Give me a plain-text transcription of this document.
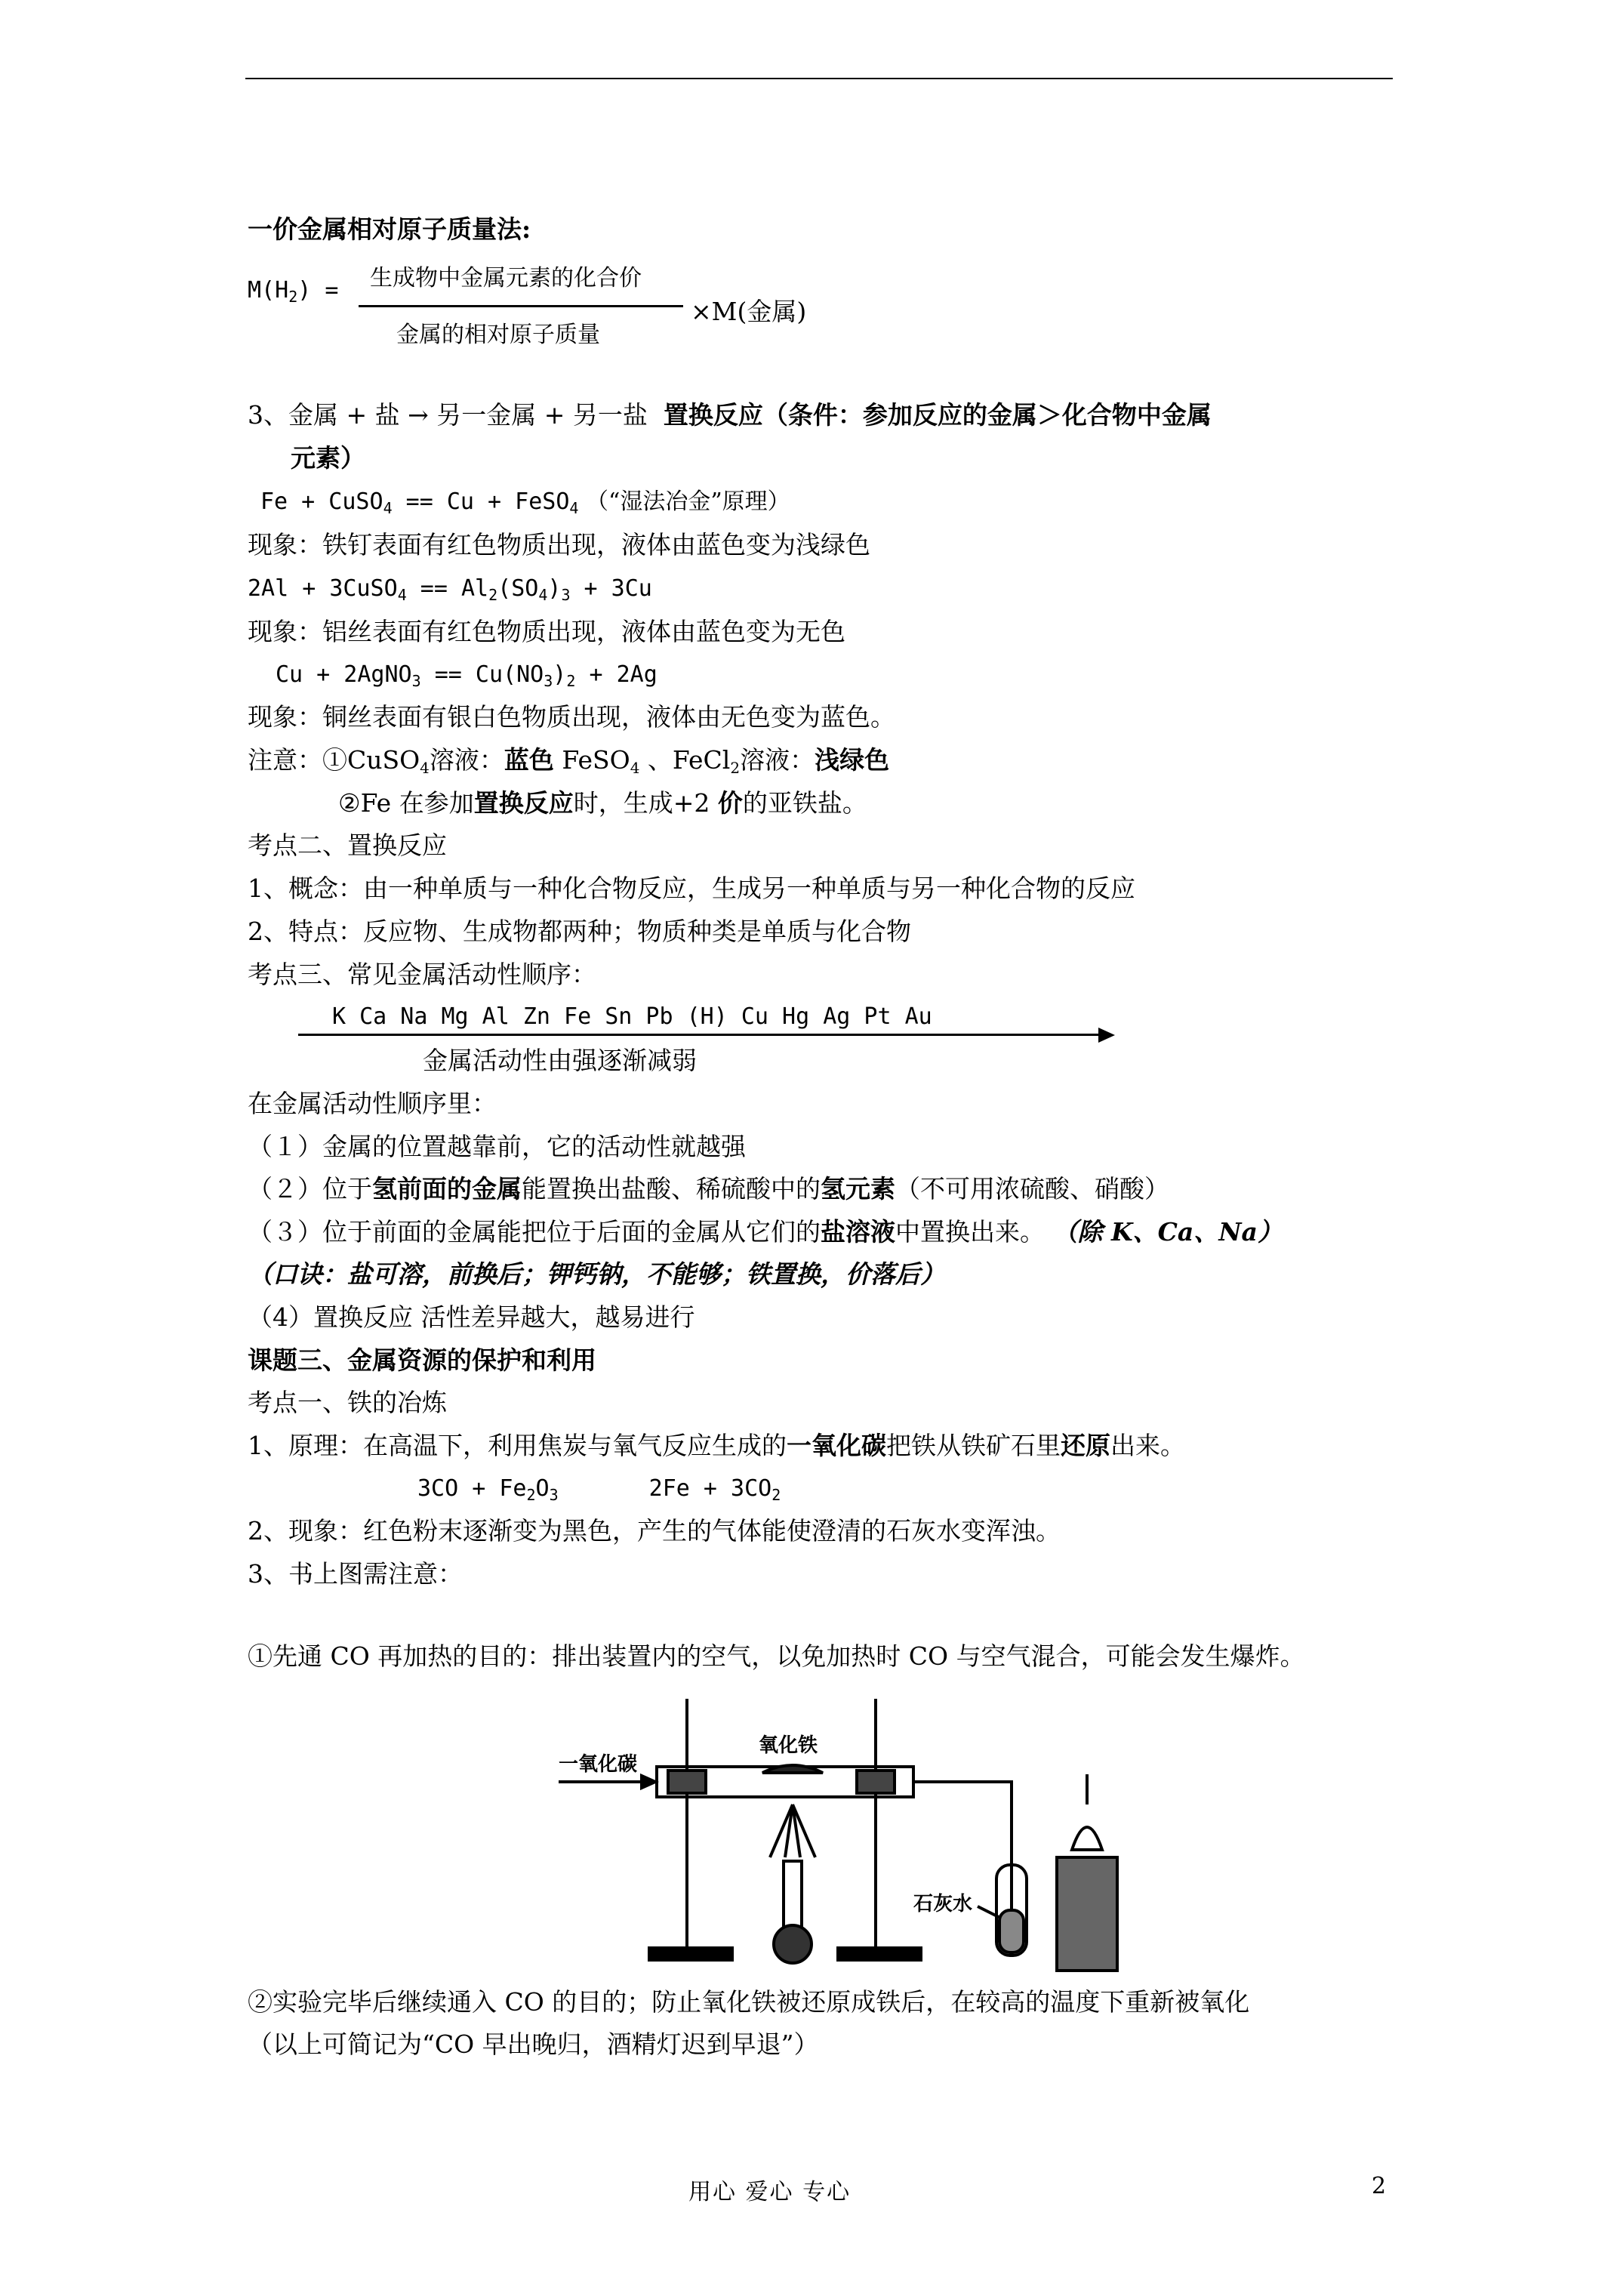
一价金属相对原子质量法:
$M(H_2)$ = 生成物中金属元素的化合价
金属的相对原子质量
×M(金属)
3、金属 + 盐 → 另一金属 + 另一盐 置换反应（条件：参加反应的金属＞化合物中金属
元素）
Fe + CuSO$_4$ == Cu + FeSO$_4$ （“湿法冶金”原理）
现象：铁钉表面有红色物质出现，液体由蓝色变为浅绿色
2Al + 3CuSO$_4$ == $Al_2(SO_4)_3 + 3Cu$
现象：铝丝表面有红色物质出现，液体由蓝色变为无色
Cu + 2AgNO$_3$ == $Cu(NO_3)_2 + 2Ag$
现象：铜丝表面有银白色物质出现，液体由无色变为蓝色。
注意：①CuSO$_4$溶液：蓝色 FeSO$_4$ 、FeCl$_2$溶液：浅绿色
②Fe 在参加置换反应时，生成+2 价的亚铁盐。
考点二、置换反应
1、概念：由一种单质与一种化合物反应，生成另一种单质与另一种化合物的反应
2、特点：反应物、生成物都两种；物质种类是单质与化合物
考点三、常见金属活动性顺序：
K Ca Na Mg Al Zn Fe Sn Pb (H) Cu Hg Ag Pt Au
金属活动性由强逐渐减弱
在金属活动性顺序里：
（１）金属的位置越靠前，它的活动性就越强
（２）位于氢前面的金属能置换出盐酸、稀硫酸中的氢元素（不可用浓硫酸、硝酸）
（３）位于前面的金属能把位于后面的金属从它们的盐溶液中置换出来。 （除 K、Ca、Na）
（口诀：盐可溶，前换后；钾钙钠，不能够；铁置换，价落后）
（4）置换反应 活性差异越大，越易进行
课题三、金属资源的保护和利用
考点一、铁的冶炼
1、原理：在高温下，利用焦炭与氧气反应生成的一氧化碳把铁从铁矿石里还原出来。
$3CO + Fe_2O_3$	$2Fe + 3CO_2$
2、现象：红色粉末逐渐变为黑色，产生的气体能使澄清的石灰水变浑浊。
3、书上图需注意：
①先通 CO 再加热的目的：排出装置内的空气，以免加热时 CO 与空气混合，可能会发生爆炸。
一氧化碳
氧化铁
石灰水
②实验完毕后继续通入 CO 的目的；防止氧化铁被还原成铁后，在较高的温度下重新被氧化
（以上可简记为“CO 早出晚归，酒精灯迟到早退”）
用心 爱心 专心	2
